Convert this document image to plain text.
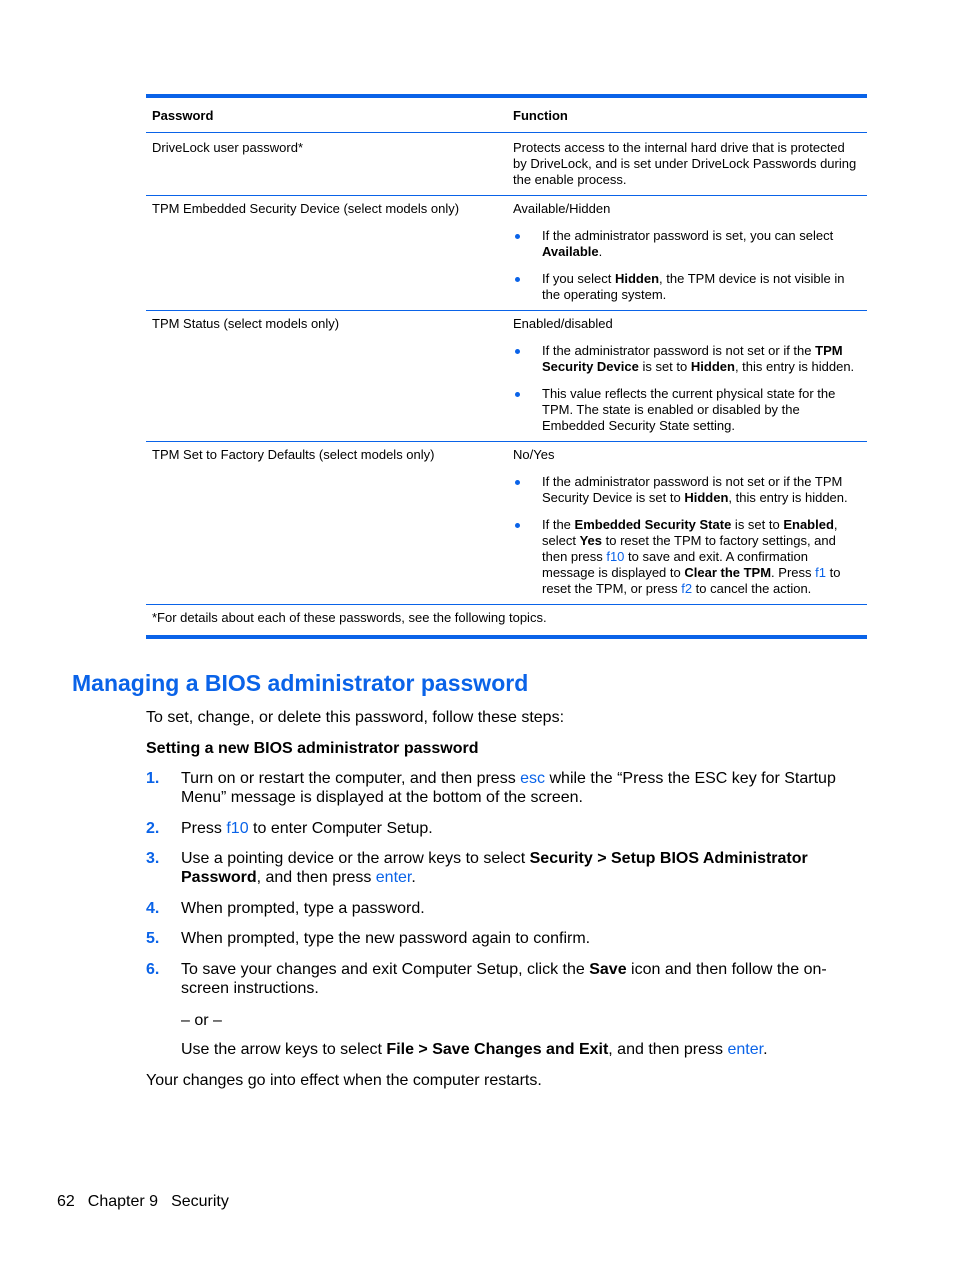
Password	Function
DriveLock user password*	Protects access to the internal hard drive that is protected by DriveLock, and is set under DriveLock Passwords during the enable process.
TPM Embedded Security Device (select models only)	Available/Hidden
If the administrator password is set, you can select Available.
If you select Hidden, the TPM device is not visible in the operating system.
TPM Status (select models only)	Enabled/disabled
If the administrator password is not set or if the TPM Security Device is set to Hidden, this entry is hidden.
This value reflects the current physical state for the TPM. The state is enabled or disabled by the Embedded Security State setting.
TPM Set to Factory Defaults (select models only)	No/Yes
If the administrator password is not set or if the TPM Security Device is set to Hidden, this entry is hidden.
If the Embedded Security State is set to Enabled, select Yes to reset the TPM to factory settings, and then press f10 to save and exit. A confirmation message is displayed to Clear the TPM. Press f1 to reset the TPM, or press f2 to cancel the action.
*For details about each of these passwords, see the following topics.
Managing a BIOS administrator password
To set, change, or delete this password, follow these steps:
Setting a new BIOS administrator password
1. Turn on or restart the computer, and then press esc while the “Press the ESC key for Startup Menu” message is displayed at the bottom of the screen.
2. Press f10 to enter Computer Setup.
3. Use a pointing device or the arrow keys to select Security > Setup BIOS Administrator Password, and then press enter.
4. When prompted, type a password.
5. When prompted, type the new password again to confirm.
6. To save your changes and exit Computer Setup, click the Save icon and then follow the on-screen instructions.
– or –
Use the arrow keys to select File > Save Changes and Exit, and then press enter.
Your changes go into effect when the computer restarts.
62 Chapter 9 Security
